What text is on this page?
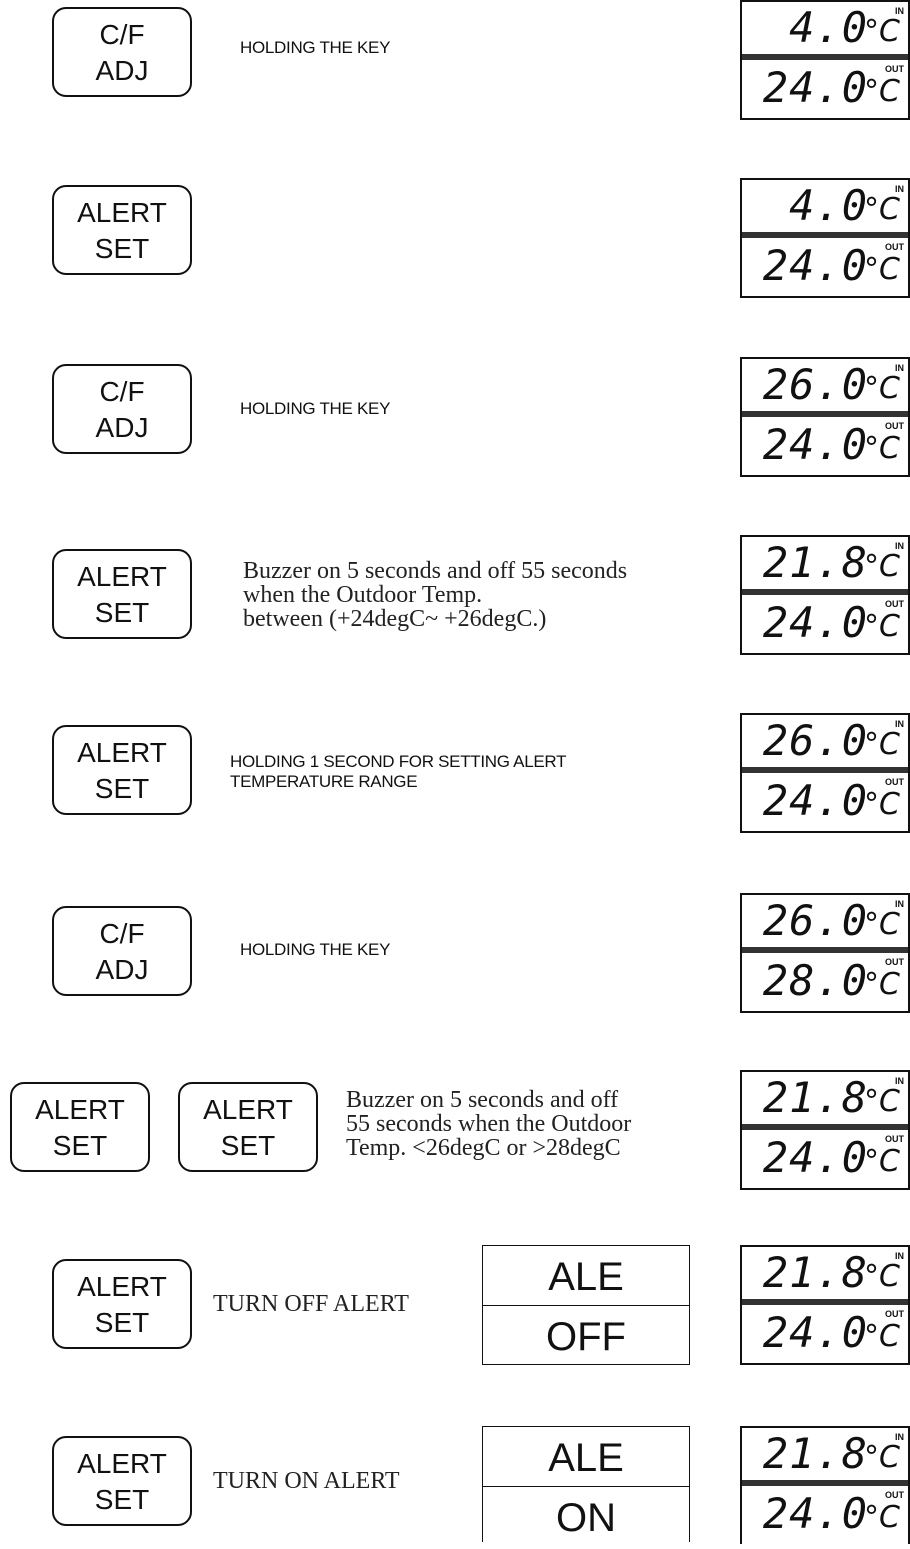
C/F
ADJ
HOLDING THE KEY
IN
4.0
°C
OUT
24.0
°C
ALERT
SET
IN
4.0
°C
OUT
24.0
°C
C/F
ADJ
HOLDING THE KEY
IN
26.0
°C
OUT
24.0
°C
ALERT
SET
Buzzer on 5 seconds and off 55 seconds
when the Outdoor Temp.
between (+24degC~ +26degC.)
IN
21.8
°C
OUT
24.0
°C
ALERT
SET
HOLDING 1 SECOND FOR SETTING ALERT
TEMPERATURE RANGE
IN
26.0
°C
OUT
24.0
°C
C/F
ADJ
HOLDING THE KEY
IN
26.0
°C
OUT
28.0
°C
ALERT
SET
ALERT
SET
Buzzer on 5 seconds and off
55 seconds when the Outdoor
Temp. <26degC or >28degC
IN
21.8
°C
OUT
24.0
°C
ALERT
SET
TURN OFF ALERT
ALE
OFF
IN
21.8
°C
OUT
24.0
°C
ALERT
SET
TURN ON ALERT
ALE
ON
IN
21.8
°C
OUT
24.0
°C
